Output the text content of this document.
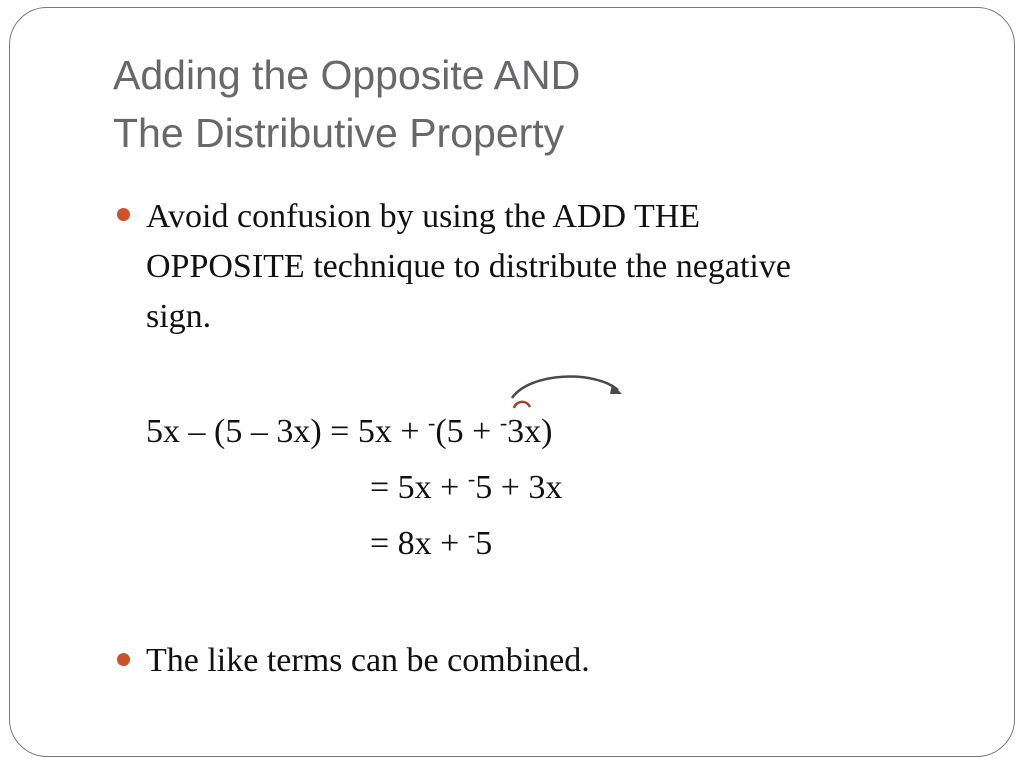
Adding the Opposite AND
The Distributive Property
Avoid confusion by using the ADD THE
OPPOSITE technique to distribute the negative
sign.
5x – (5 – 3x) = 5x + -(5 + -3x)
= 5x + -5 + 3x
= 8x + -5
The like terms can be combined.
